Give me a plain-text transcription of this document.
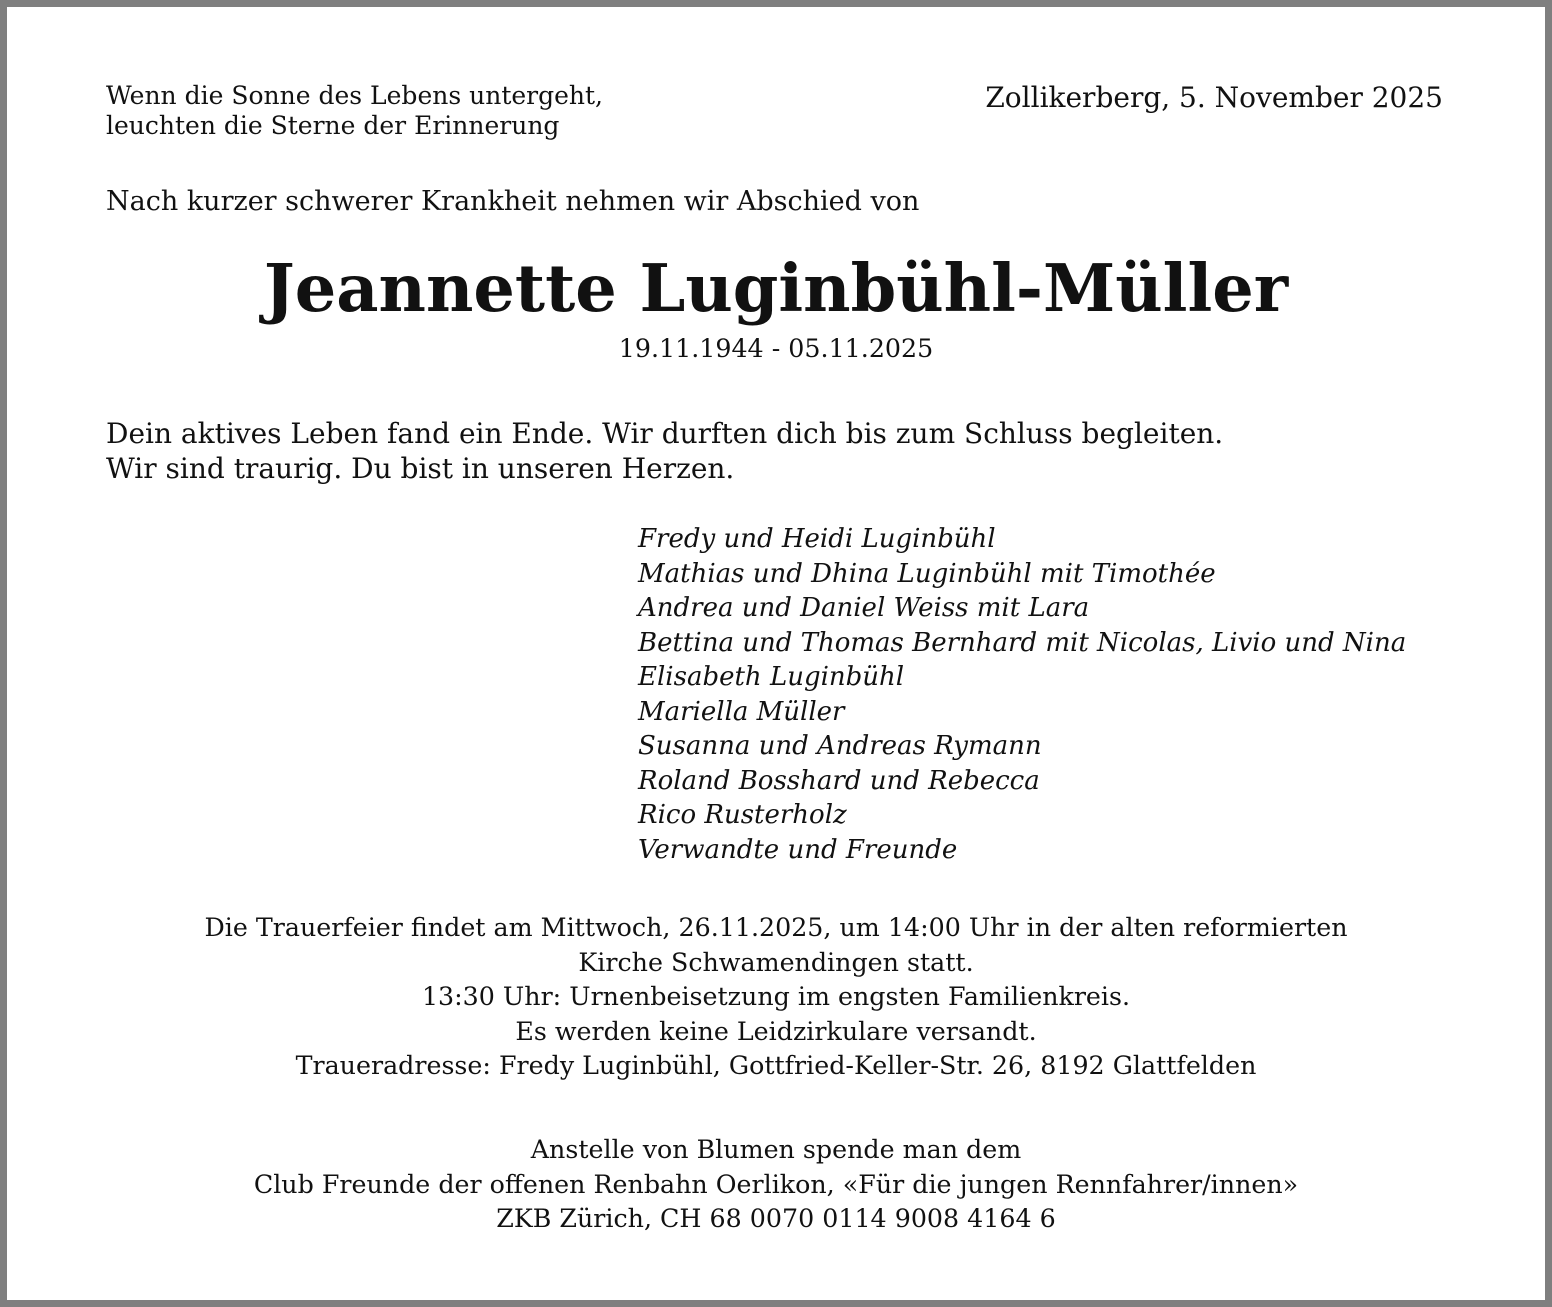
Wenn die Sonne des Lebens untergeht,
leuchten die Sterne der Erinnerung
Zollikerberg, 5. November 2025
Nach kurzer schwerer Krankheit nehmen wir Abschied von
Jeannette Luginbühl-Müller
19.11.1944 - 05.11.2025
Dein aktives Leben fand ein Ende. Wir durften dich bis zum Schluss begleiten.
Wir sind traurig. Du bist in unseren Herzen.
Fredy und Heidi Luginbühl
Mathias und Dhina Luginbühl mit Timothée
Andrea und Daniel Weiss mit Lara
Bettina und Thomas Bernhard mit Nicolas, Livio und Nina
Elisabeth Luginbühl
Mariella Müller
Susanna und Andreas Rymann
Roland Bosshard und Rebecca
Rico Rusterholz
Verwandte und Freunde
Die Trauerfeier findet am Mittwoch, 26.11.2025, um 14:00 Uhr in der alten reformierten
Kirche Schwamendingen statt.
13:30 Uhr: Urnenbeisetzung im engsten Familienkreis.
Es werden keine Leidzirkulare versandt.
Traueradresse: Fredy Luginbühl, Gottfried-Keller-Str. 26, 8192 Glattfelden
Anstelle von Blumen spende man dem
Club Freunde der offenen Renbahn Oerlikon, «Für die jungen Rennfahrer/innen»
ZKB Zürich, CH 68 0070 0114 9008 4164 6
